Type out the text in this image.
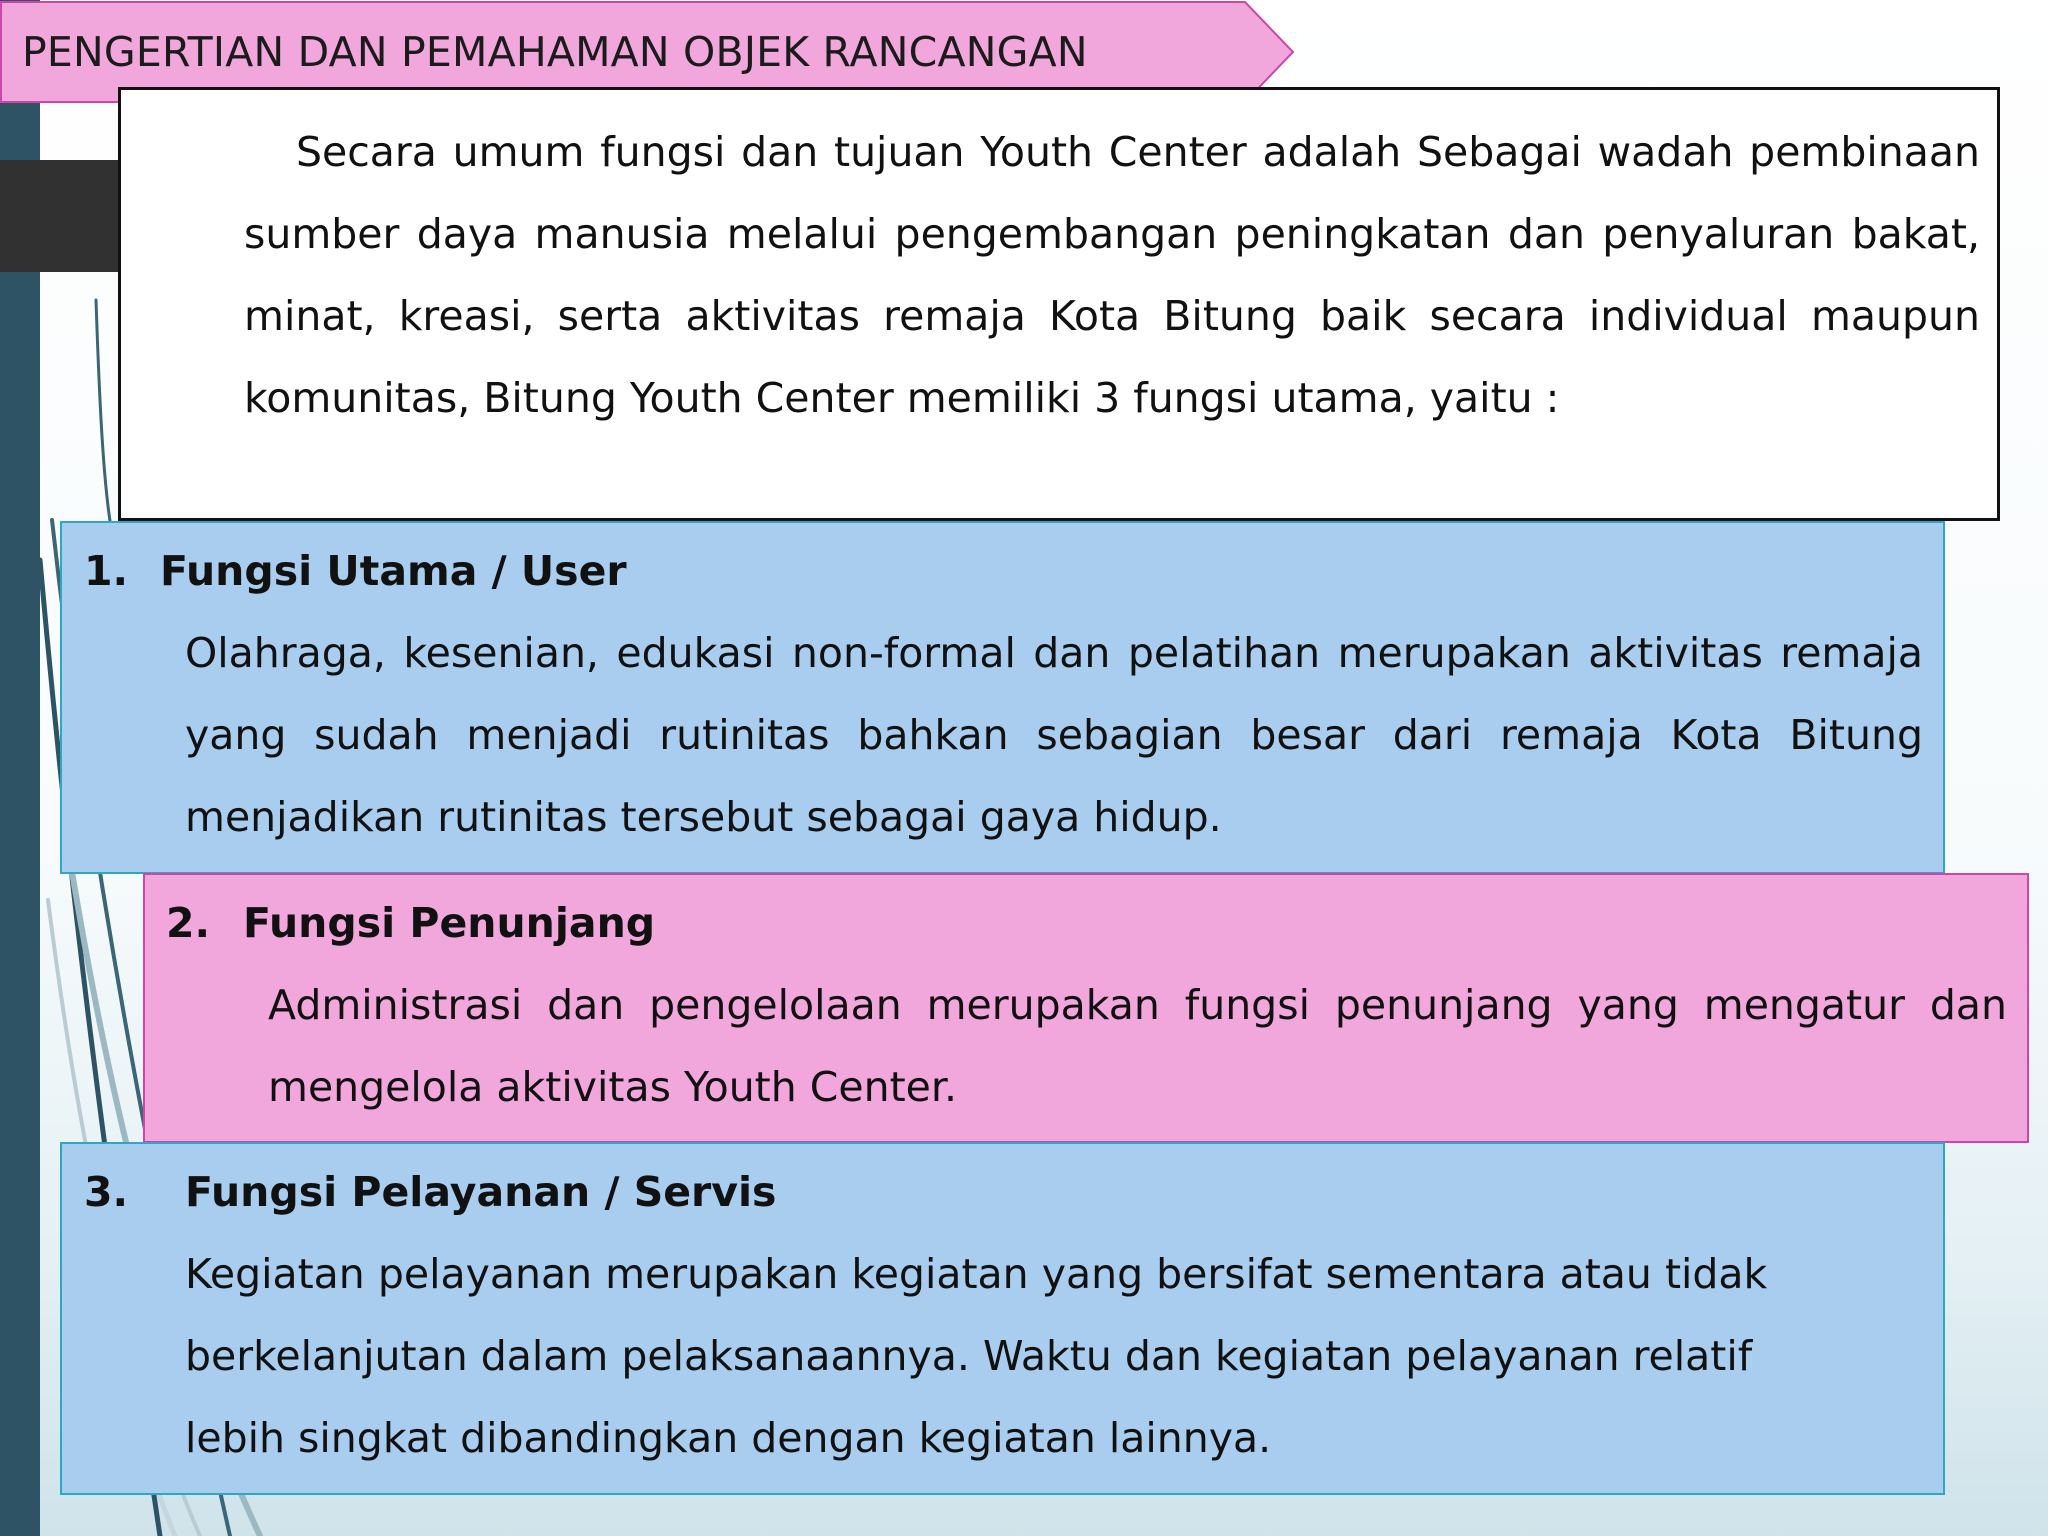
PENGERTIAN DAN PEMAHAMAN OBJEK RANCANGAN

Secara umum fungsi dan tujuan Youth Center adalah Sebagai wadah pembinaan sumber daya manusia melalui pengembangan peningkatan dan penyaluran bakat, minat, kreasi, serta aktivitas remaja Kota Bitung baik secara individual maupun komunitas, Bitung Youth Center memiliki 3 fungsi utama, yaitu :

1. Fungsi Utama / User

Olahraga, kesenian, edukasi non-formal dan pelatihan merupakan aktivitas remaja yang sudah menjadi rutinitas bahkan sebagian besar dari remaja Kota Bitung menjadikan rutinitas tersebut sebagai gaya hidup.

2. Fungsi Penunjang

Administrasi dan pengelolaan merupakan fungsi penunjang yang mengatur dan mengelola aktivitas Youth Center.

3. Fungsi Pelayanan / Servis

Kegiatan pelayanan merupakan kegiatan yang bersifat sementara atau tidak berkelanjutan dalam pelaksanaannya. Waktu dan kegiatan pelayanan relatif lebih singkat dibandingkan dengan kegiatan lainnya.
